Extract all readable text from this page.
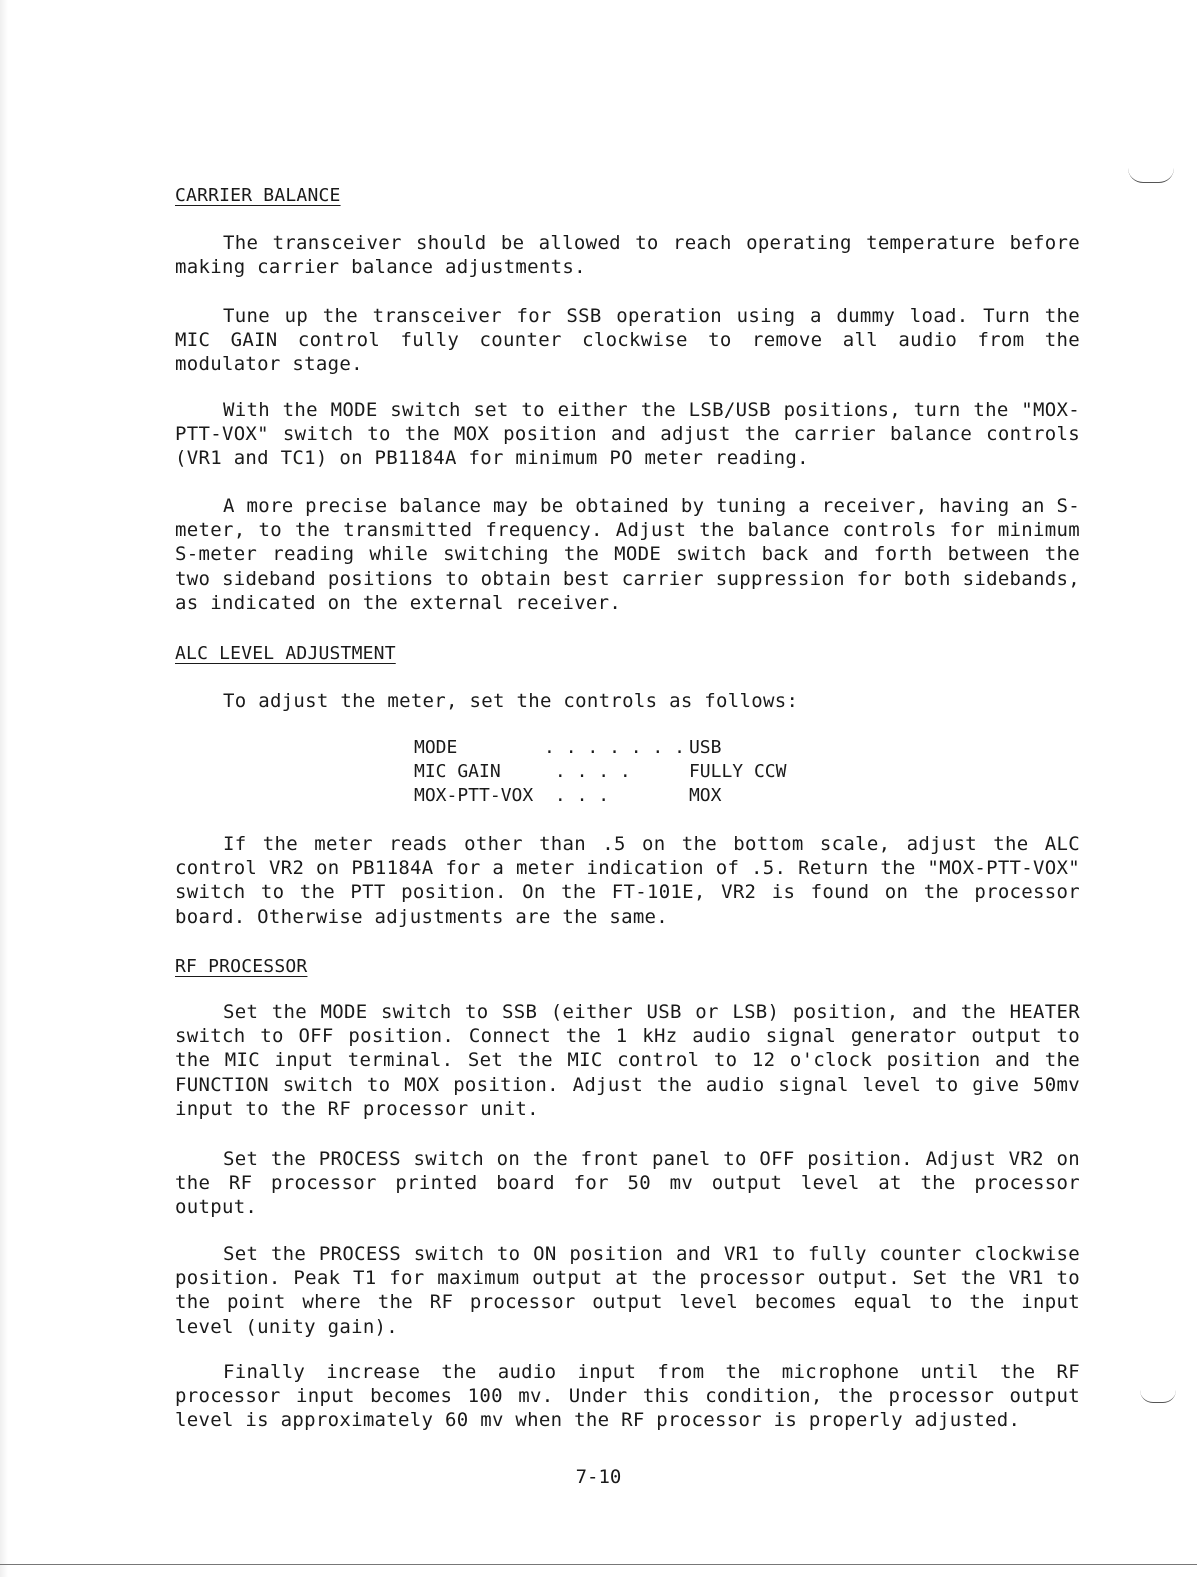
CARRIER BALANCE

The transceiver should be allowed to reach operating temperature before making carrier balance adjustments.

Tune up the transceiver for SSB operation using a dummy load. Turn the MIC GAIN control fully counter clockwise to remove all audio from the modulator stage.

With the MODE switch set to either the LSB/USB positions, turn the "MOX-PTT-VOX" switch to the MOX position and adjust the carrier balance controls (VR1 and TC1) on PB1184A for minimum PO meter reading.

A more precise balance may be obtained by tuning a receiver, having an S-meter, to the transmitted frequency. Adjust the balance controls for minimum S-meter reading while switching the MODE switch back and forth between the two sideband positions to obtain best carrier suppression for both sidebands, as indicated on the external receiver.

ALC LEVEL ADJUSTMENT

To adjust the meter, set the controls as follows:

MODE	. . . . . . .	USB
MIC GAIN	. . . .	FULLY CCW
MOX-PTT-VOX	. . .	MOX

If the meter reads other than .5 on the bottom scale, adjust the ALC control VR2 on PB1184A for a meter indication of .5. Return the "MOX-PTT-VOX" switch to the PTT position. On the FT-101E, VR2 is found on the processor board. Otherwise adjustments are the same.

RF PROCESSOR

Set the MODE switch to SSB (either USB or LSB) position, and the HEATER switch to OFF position. Connect the 1 kHz audio signal generator output to the MIC input terminal. Set the MIC control to 12 o'clock position and the FUNCTION switch to MOX position. Adjust the audio signal level to give 50mv input to the RF processor unit.

Set the PROCESS switch on the front panel to OFF position. Adjust VR2 on the RF processor printed board for 50 mv output level at the processor output.

Set the PROCESS switch to ON position and VR1 to fully counter clockwise position. Peak T1 for maximum output at the processor output. Set the VR1 to the point where the RF processor output level becomes equal to the input level (unity gain).

Finally increase the audio input from the microphone until the RF processor input becomes 100 mv. Under this condition, the processor output level is approximately 60 mv when the RF processor is properly adjusted.

7-10
